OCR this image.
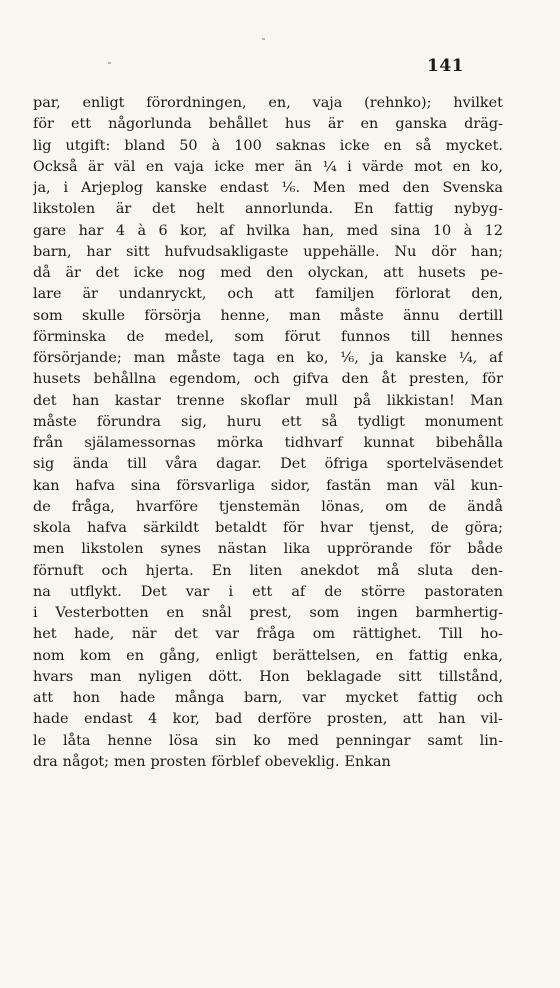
141
par, enligt förordningen, en, vaja (rehnko); hvilket
för ett någorlunda behållet hus är en ganska dräg-
lig utgift: bland 50 à 100 saknas icke en så mycket.
Också är väl en vaja icke mer än ¼ i värde mot en ko,
ja, i Arjeplog kanske endast ⅙. Men med den Svenska
likstolen är det helt annorlunda. En fattig nybyg-
gare har 4 à 6 kor, af hvilka han, med sina 10 à 12
barn, har sitt hufvudsakligaste uppehälle. Nu dör han;
då är det icke nog med den olyckan, att husets pe-
lare är undanryckt, och att familjen förlorat den,
som skulle försörja henne, man måste ännu dertill
förminska de medel, som förut funnos till hennes
försörjande; man måste taga en ko, ⅙, ja kanske ¼, af
husets behållna egendom, och gifva den åt presten, för
det han kastar trenne skoflar mull på likkistan! Man
måste förundra sig, huru ett så tydligt monument
från själamessornas mörka tidhvarf kunnat bibehålla
sig ända till våra dagar. Det öfriga sportelväsendet
kan hafva sina försvarliga sidor, fastän man väl kun-
de fråga, hvarföre tjenstemän lönas, om de ändå
skola hafva särkildt betaldt för hvar tjenst, de göra;
men likstolen synes nästan lika upprörande för både
förnuft och hjerta. En liten anekdot må sluta den-
na utflykt. Det var i ett af de större pastoraten
i Vesterbotten en snål prest, som ingen barmhertig-
het hade, när det var fråga om rättighet. Till ho-
nom kom en gång, enligt berättelsen, en fattig enka,
hvars man nyligen dött. Hon beklagade sitt tillstånd,
att hon hade många barn, var mycket fattig och
hade endast 4 kor, bad derföre prosten, att han vil-
le låta henne lösa sin ko med penningar samt lin-
dra något; men prosten förblef obeveklig. Enkan
